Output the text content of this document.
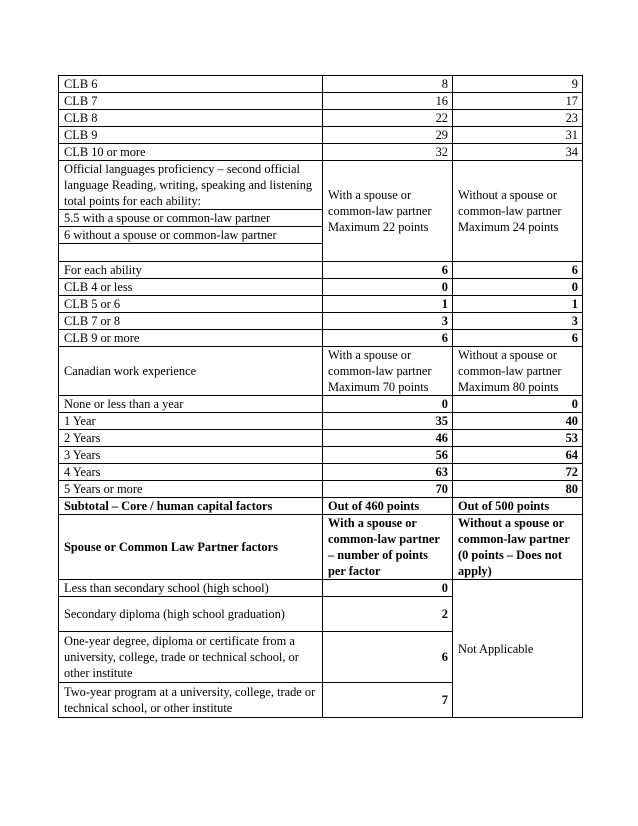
CLB 6	8	9
CLB 7	16	17
CLB 8	22	23
CLB 9	29	31
CLB 10 or more	32	34
Official languages proficiency – second official language Reading, writing, speaking and listening total points for each ability:	With a spouse or common-law partner Maximum 22 points	Without a spouse or common-law partner Maximum 24 points
5.5 with a spouse or common-law partner		
6 without a spouse or common-law partner		

For each ability	6	6
CLB 4 or less	0	0
CLB 5 or 6	1	1
CLB 7 or 8	3	3
CLB 9 or more	6	6
Canadian work experience	With a spouse or common-law partner Maximum 70 points	Without a spouse or common-law partner Maximum 80 points
None or less than a year	0	0
1 Year	35	40
2 Years	46	53
3 Years	56	64
4 Years	63	72
5 Years or more	70	80
Subtotal – Core / human capital factors	Out of 460 points	Out of 500 points
Spouse or Common Law Partner factors	With a spouse or common-law partner – number of points per factor	Without a spouse or common-law partner (0 points – Does not apply)
Less than secondary school (high school)	0	Not Applicable
Secondary diploma (high school graduation)	2	
One-year degree, diploma or certificate from a university, college, trade or technical school, or other institute	6	
Two-year program at a university, college, trade or technical school, or other institute	7	
